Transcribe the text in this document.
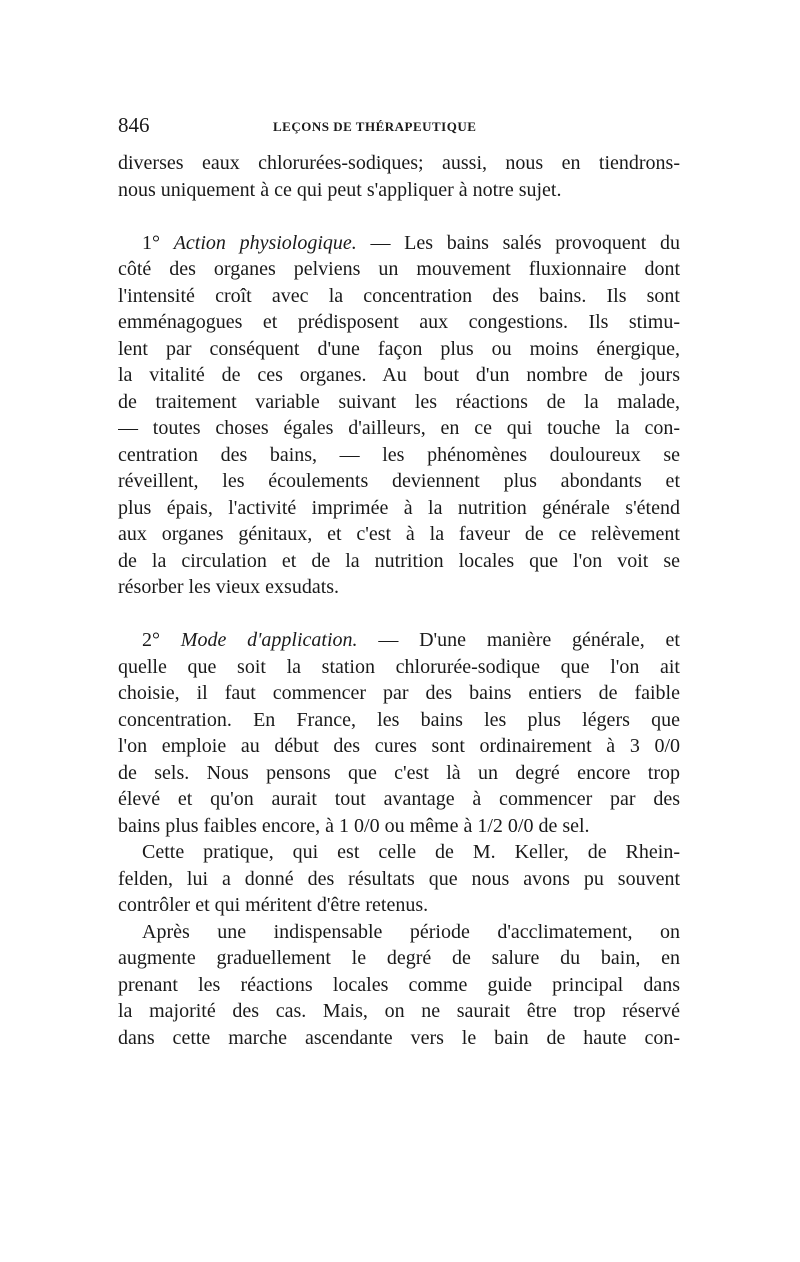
846	LEÇONS DE THÉRAPEUTIQUE
diverses eaux chlorurées-sodiques; aussi, nous en tiendrons-
nous uniquement à ce qui peut s'appliquer à notre sujet.
1° Action physiologique. — Les bains salés provoquent du
côté des organes pelviens un mouvement fluxionnaire dont
l'intensité croît avec la concentration des bains. Ils sont
emménagogues et prédisposent aux congestions. Ils stimu-
lent par conséquent d'une façon plus ou moins énergique,
la vitalité de ces organes. Au bout d'un nombre de jours
de traitement variable suivant les réactions de la malade,
— toutes choses égales d'ailleurs, en ce qui touche la con-
centration des bains, — les phénomènes douloureux se
réveillent, les écoulements deviennent plus abondants et
plus épais, l'activité imprimée à la nutrition générale s'étend
aux organes génitaux, et c'est à la faveur de ce relèvement
de la circulation et de la nutrition locales que l'on voit se
résorber les vieux exsudats.
2° Mode d'application. — D'une manière générale, et
quelle que soit la station chlorurée-sodique que l'on ait
choisie, il faut commencer par des bains entiers de faible
concentration. En France, les bains les plus légers que
l'on emploie au début des cures sont ordinairement à 3 0/0
de sels. Nous pensons que c'est là un degré encore trop
élevé et qu'on aurait tout avantage à commencer par des
bains plus faibles encore, à 1 0/0 ou même à 1/2 0/0 de sel.
Cette pratique, qui est celle de M. Keller, de Rhein-
felden, lui a donné des résultats que nous avons pu souvent
contrôler et qui méritent d'être retenus.
Après une indispensable période d'acclimatement, on
augmente graduellement le degré de salure du bain, en
prenant les réactions locales comme guide principal dans
la majorité des cas. Mais, on ne saurait être trop réservé
dans cette marche ascendante vers le bain de haute con-
